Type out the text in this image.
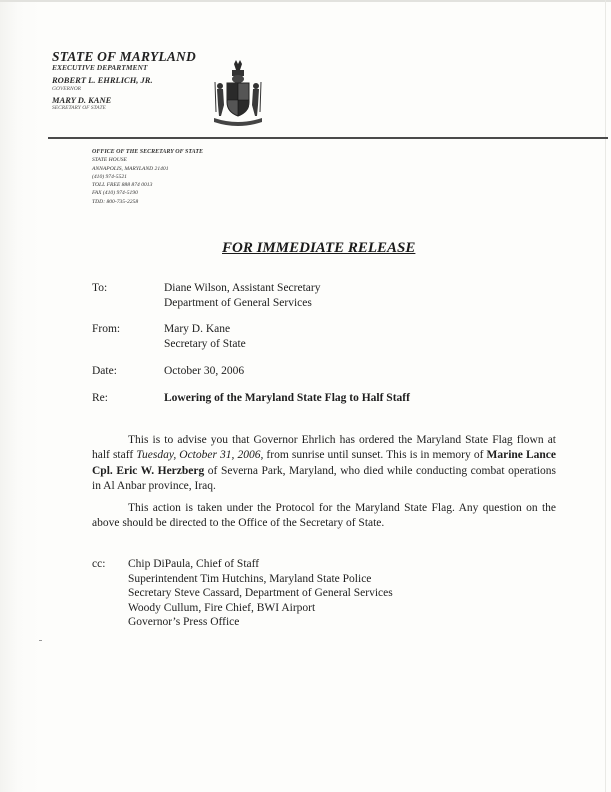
STATE OF MARYLAND
EXECUTIVE DEPARTMENT
ROBERT L. EHRLICH, JR.
GOVERNOR
MARY D. KANE
SECRETARY OF STATE
OFFICE OF THE SECRETARY OF STATE
STATE HOUSE
ANNAPOLIS, MARYLAND 21401
(410) 974-5521
TOLL FREE 888 874 0013
FAX (410) 974-5190
TDD: 800-735-2258
FOR IMMEDIATE RELEASE
To:	Diane Wilson, Assistant Secretary
Department of General Services
From:	Mary D. Kane
Secretary of State
Date:	October 30, 2006
Re:	Lowering of the Maryland State Flag to Half Staff
This is to advise you that Governor Ehrlich has ordered the Maryland State Flag flown at half staff Tuesday, October 31, 2006, from sunrise until sunset. This is in memory of Marine Lance Cpl. Eric W. Herzberg of Severna Park, Maryland, who died while conducting combat operations in Al Anbar province, Iraq.
This action is taken under the Protocol for the Maryland State Flag. Any question on the above should be directed to the Office of the Secretary of State.
cc: Chip DiPaula, Chief of Staff
Superintendent Tim Hutchins, Maryland State Police
Secretary Steve Cassard, Department of General Services
Woody Cullum, Fire Chief, BWI Airport
Governor’s Press Office
